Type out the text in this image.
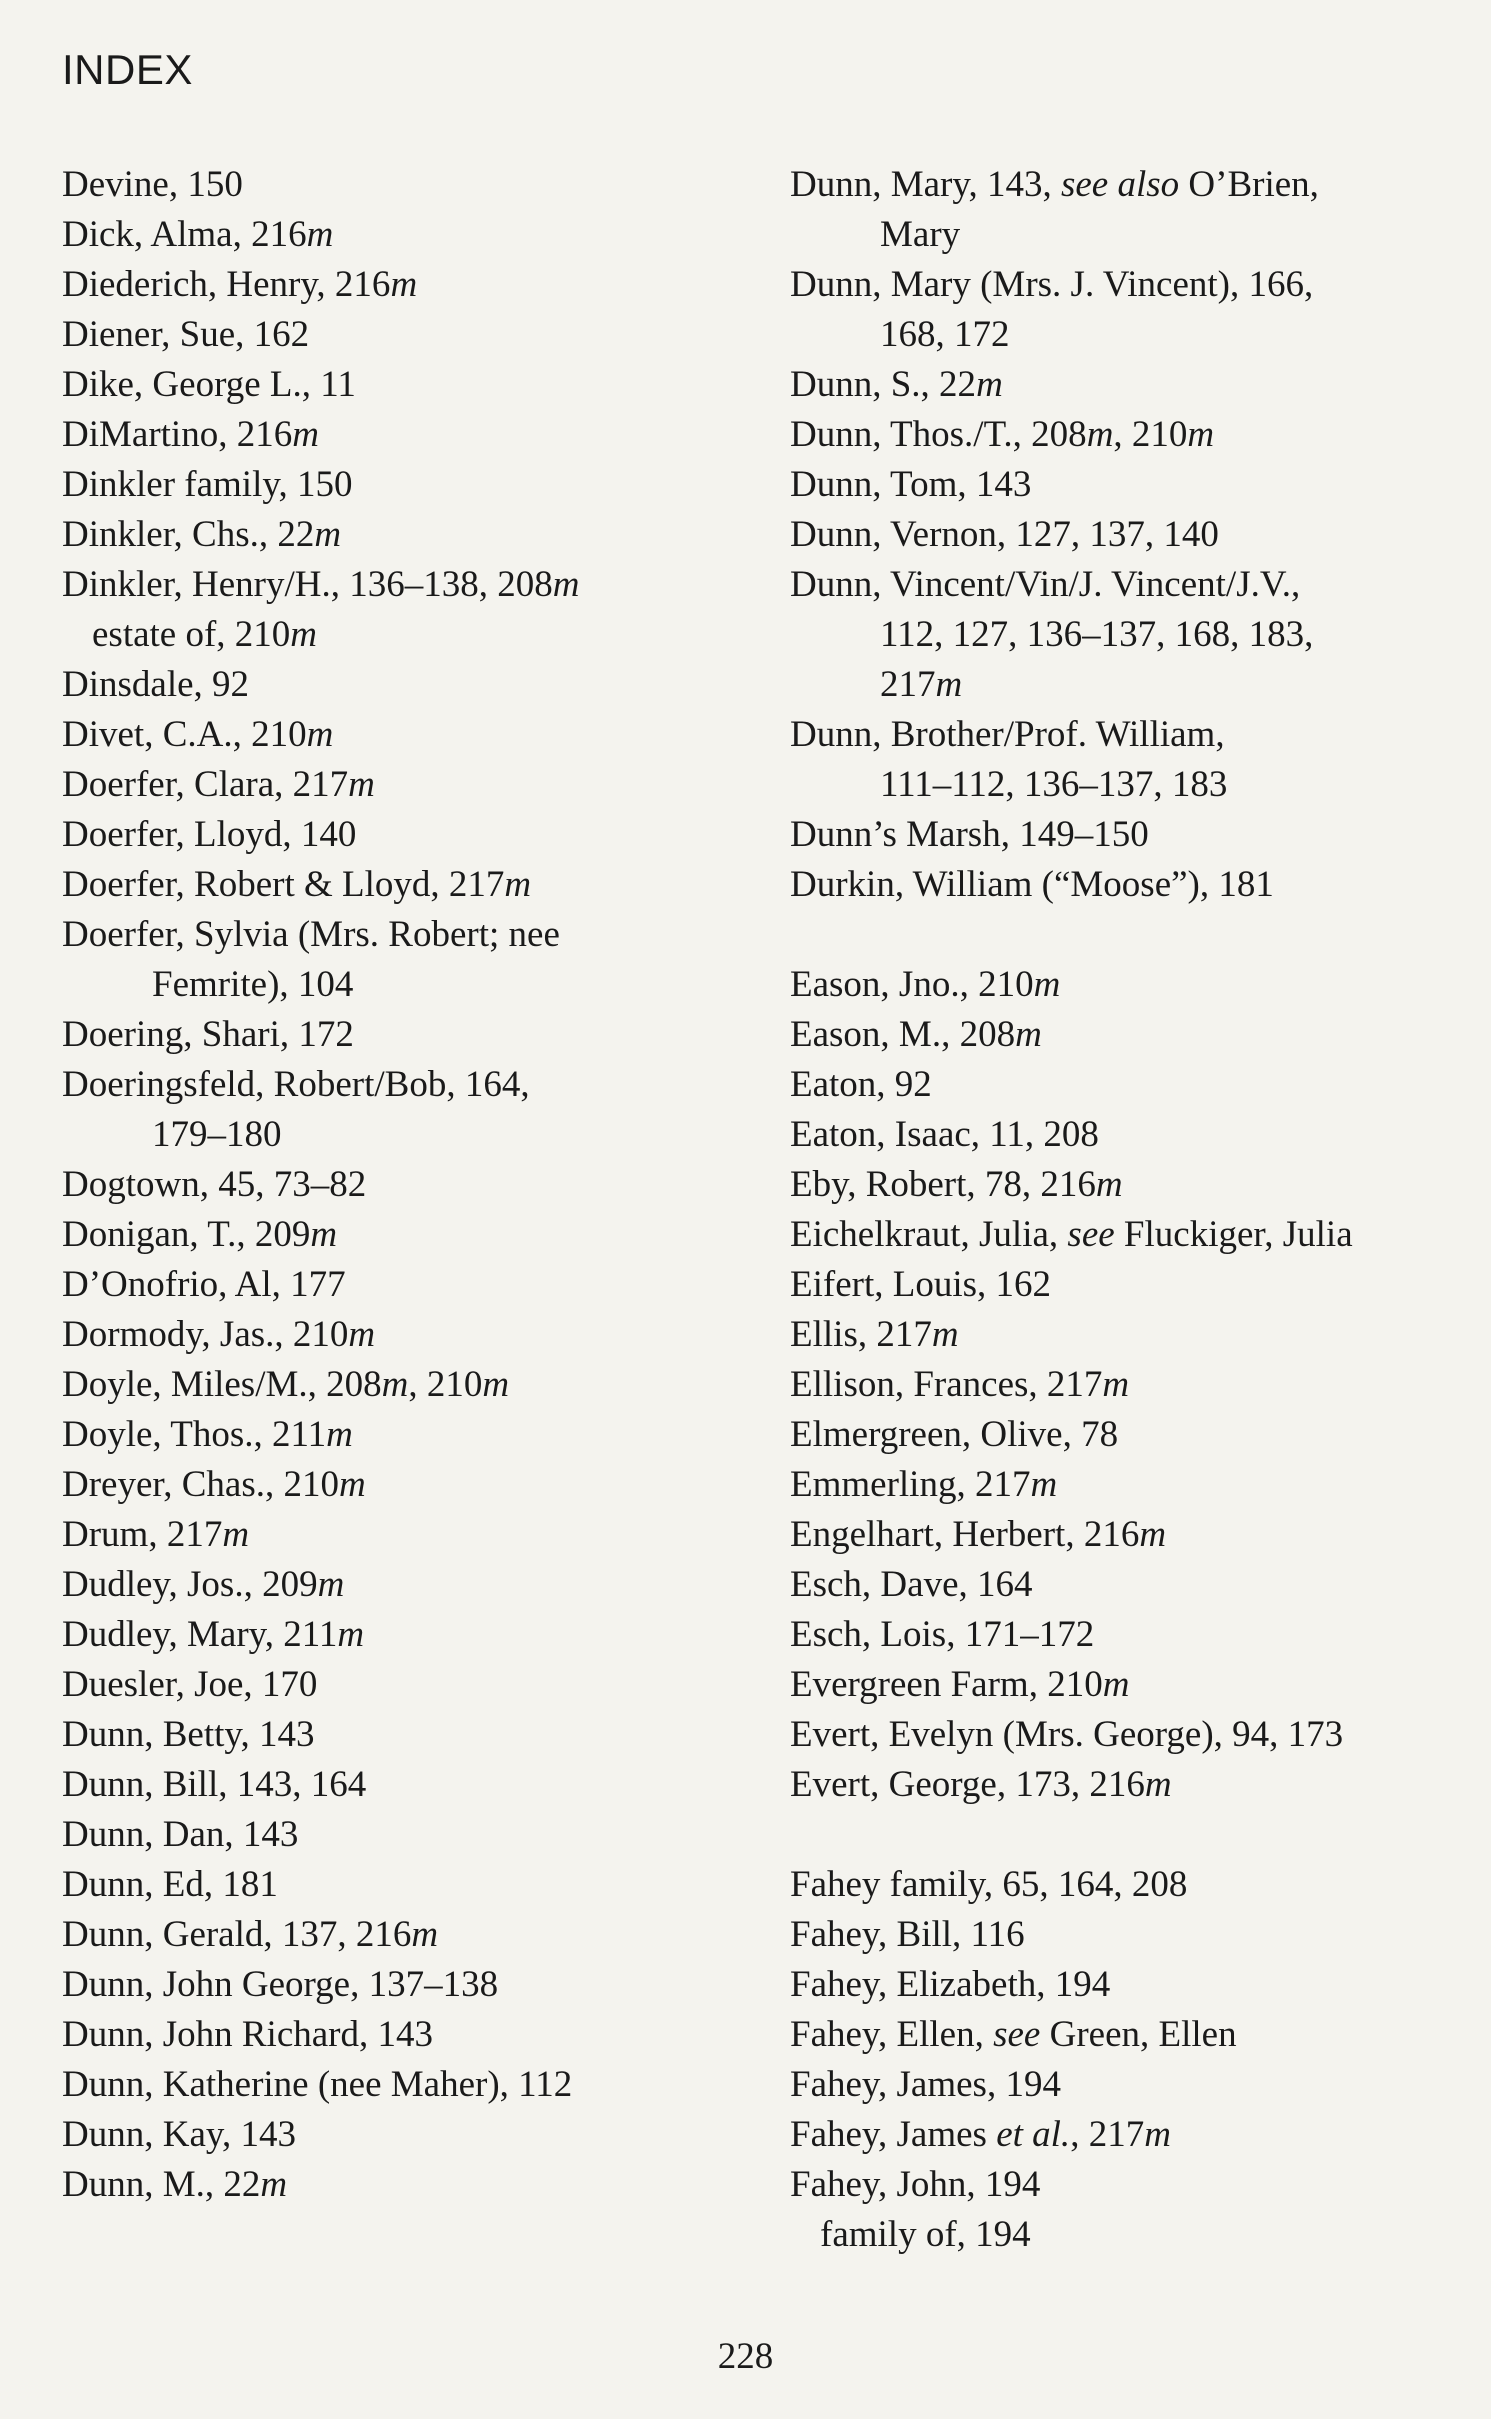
INDEX
Devine, 150
Dick, Alma, 216m
Diederich, Henry, 216m
Diener, Sue, 162
Dike, George L., 11
DiMartino, 216m
Dinkler family, 150
Dinkler, Chs., 22m
Dinkler, Henry/H., 136–138, 208m
estate of, 210m
Dinsdale, 92
Divet, C.A., 210m
Doerfer, Clara, 217m
Doerfer, Lloyd, 140
Doerfer, Robert & Lloyd, 217m
Doerfer, Sylvia (Mrs. Robert; nee
Femrite), 104
Doering, Shari, 172
Doeringsfeld, Robert/Bob, 164,
179–180
Dogtown, 45, 73–82
Donigan, T., 209m
D’Onofrio, Al, 177
Dormody, Jas., 210m
Doyle, Miles/M., 208m, 210m
Doyle, Thos., 211m
Dreyer, Chas., 210m
Drum, 217m
Dudley, Jos., 209m
Dudley, Mary, 211m
Duesler, Joe, 170
Dunn, Betty, 143
Dunn, Bill, 143, 164
Dunn, Dan, 143
Dunn, Ed, 181
Dunn, Gerald, 137, 216m
Dunn, John George, 137–138
Dunn, John Richard, 143
Dunn, Katherine (nee Maher), 112
Dunn, Kay, 143
Dunn, M., 22m
Dunn, Mary, 143, see also O’Brien,
Mary
Dunn, Mary (Mrs. J. Vincent), 166,
168, 172
Dunn, S., 22m
Dunn, Thos./T., 208m, 210m
Dunn, Tom, 143
Dunn, Vernon, 127, 137, 140
Dunn, Vincent/Vin/J. Vincent/J.V.,
112, 127, 136–137, 168, 183,
217m
Dunn, Brother/Prof. William,
111–112, 136–137, 183
Dunn’s Marsh, 149–150
Durkin, William (“Moose”), 181
Eason, Jno., 210m
Eason, M., 208m
Eaton, 92
Eaton, Isaac, 11, 208
Eby, Robert, 78, 216m
Eichelkraut, Julia, see Fluckiger, Julia
Eifert, Louis, 162
Ellis, 217m
Ellison, Frances, 217m
Elmergreen, Olive, 78
Emmerling, 217m
Engelhart, Herbert, 216m
Esch, Dave, 164
Esch, Lois, 171–172
Evergreen Farm, 210m
Evert, Evelyn (Mrs. George), 94, 173
Evert, George, 173, 216m
Fahey family, 65, 164, 208
Fahey, Bill, 116
Fahey, Elizabeth, 194
Fahey, Ellen, see Green, Ellen
Fahey, James, 194
Fahey, James et al., 217m
Fahey, John, 194
family of, 194
228
